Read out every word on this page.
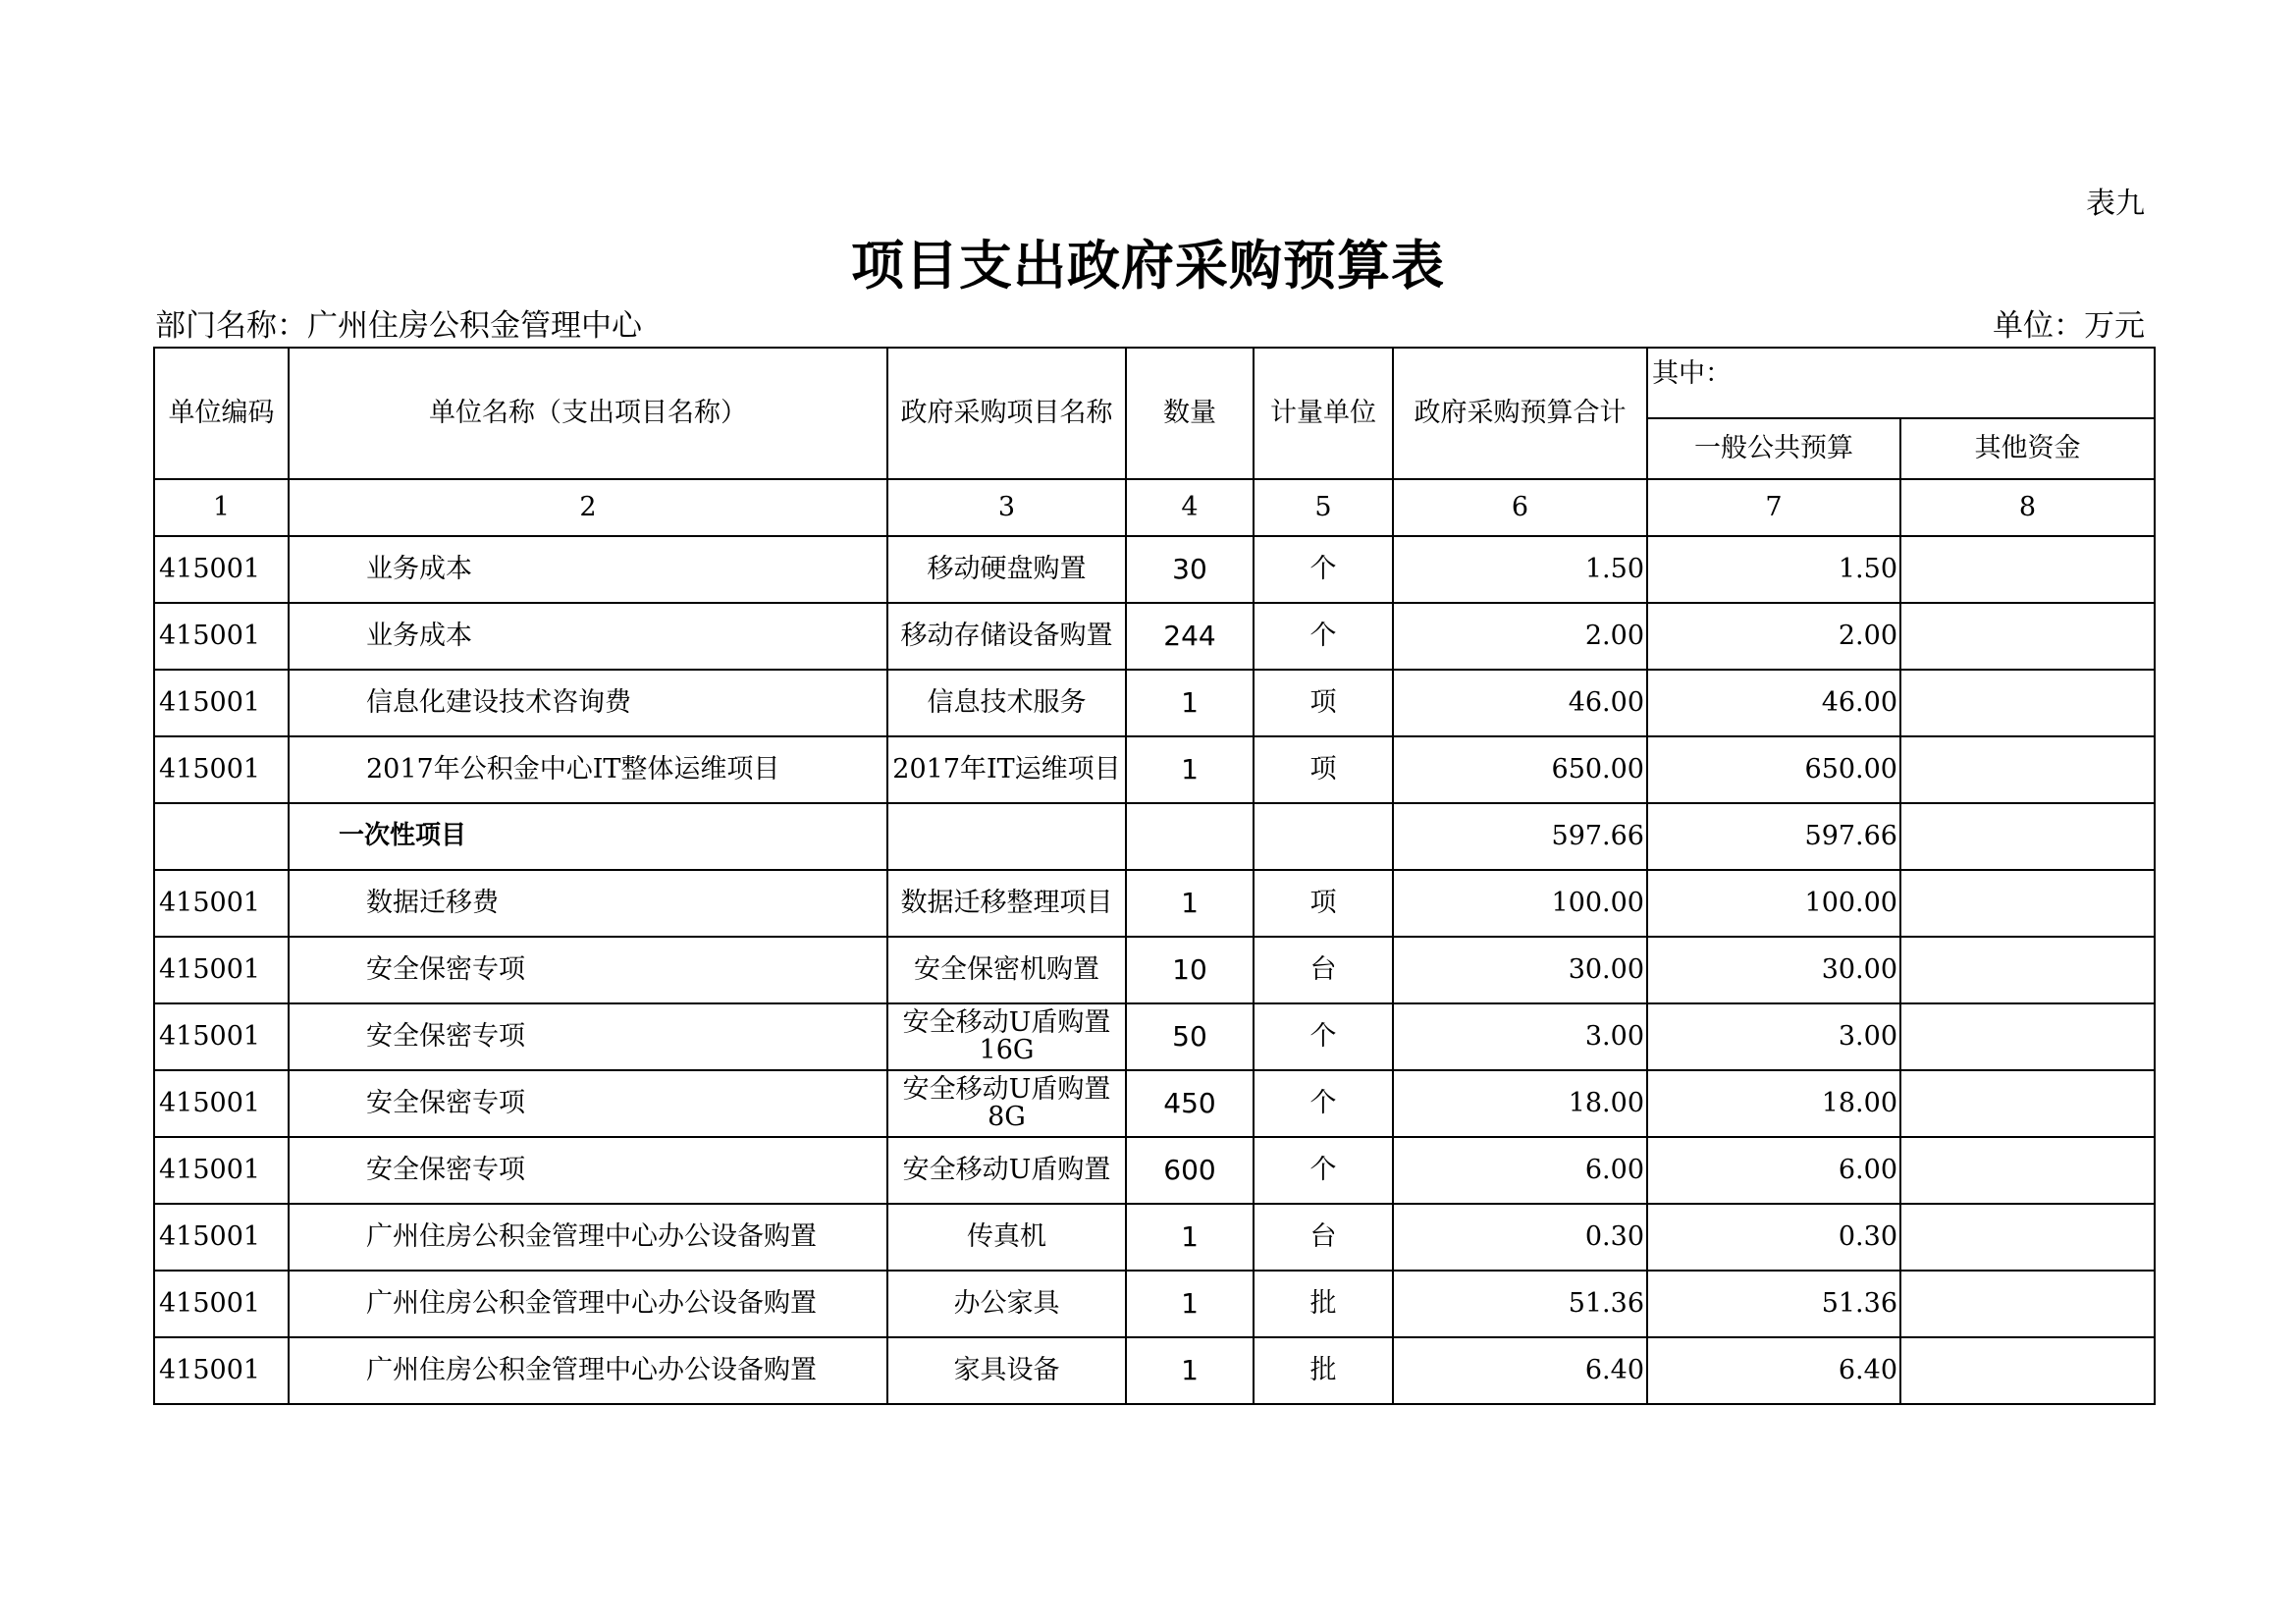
表九
项目支出政府采购预算表
部门名称：广州住房公积金管理中心	单位：万元
单位编码	单位名称（支出项目名称）	政府采购项目名称	数量	计量单位	政府采购预算合计	其中：	
						一般公共预算	其他资金
1	2	3	4	5	6	7	8
415001	业务成本	移动硬盘购置	30	个	1.50	1.50	
415001	业务成本	移动存储设备购置	244	个	2.00	2.00	
415001	信息化建设技术咨询费	信息技术服务	1	项	46.00	46.00	
415001	2017年公积金中心IT整体运维项目	2017年IT运维项目	1	项	650.00	650.00	
	一次性项目				597.66	597.66	
415001	数据迁移费	数据迁移整理项目	1	项	100.00	100.00	
415001	安全保密专项	安全保密机购置	10	台	30.00	30.00	
415001	安全保密专项	安全移动U盾购置16G	50	个	3.00	3.00	
415001	安全保密专项	安全移动U盾购置8G	450	个	18.00	18.00	
415001	安全保密专项	安全移动U盾购置	600	个	6.00	6.00	
415001	广州住房公积金管理中心办公设备购置	传真机	1	台	0.30	0.30	
415001	广州住房公积金管理中心办公设备购置	办公家具	1	批	51.36	51.36	
415001	广州住房公积金管理中心办公设备购置	家具设备	1	批	6.40	6.40	
